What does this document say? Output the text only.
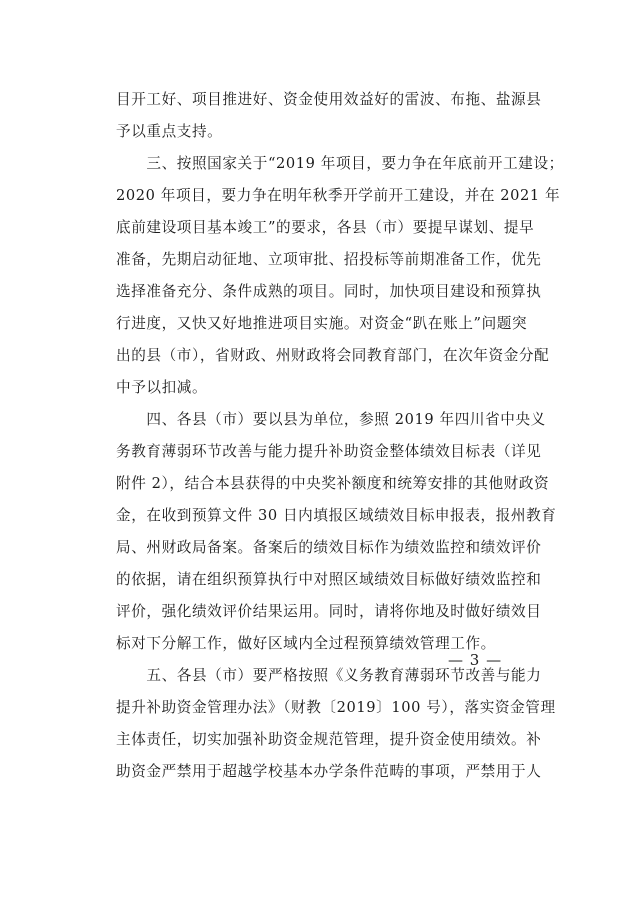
目开工好、项目推进好、资金使用效益好的雷波、布拖、盐源县
予以重点支持。
　　三、按照国家关于“2019 年项目，要力争在年底前开工建设；
2020 年项目，要力争在明年秋季开学前开工建设，并在 2021 年
底前建设项目基本竣工”的要求，各县（市）要提早谋划、提早
准备，先期启动征地、立项审批、招投标等前期准备工作，优先
选择准备充分、条件成熟的项目。同时，加快项目建设和预算执
行进度，又快又好地推进项目实施。对资金“趴在账上”问题突
出的县（市），省财政、州财政将会同教育部门，在次年资金分配
中予以扣减。
　　四、各县（市）要以县为单位，参照 2019 年四川省中央义
务教育薄弱环节改善与能力提升补助资金整体绩效目标表（详见
附件 2），结合本县获得的中央奖补额度和统筹安排的其他财政资
金，在收到预算文件 30 日内填报区域绩效目标申报表，报州教育
局、州财政局备案。备案后的绩效目标作为绩效监控和绩效评价
的依据，请在组织预算执行中对照区域绩效目标做好绩效监控和
评价，强化绩效评价结果运用。同时，请将你地及时做好绩效目
标对下分解工作，做好区域内全过程预算绩效管理工作。
　　五、各县（市）要严格按照《义务教育薄弱环节改善与能力
提升补助资金管理办法》（财教〔2019〕100 号），落实资金管理
主体责任，切实加强补助资金规范管理，提升资金使用绩效。补
助资金严禁用于超越学校基本办学条件范畴的事项，严禁用于人
— 3 —
